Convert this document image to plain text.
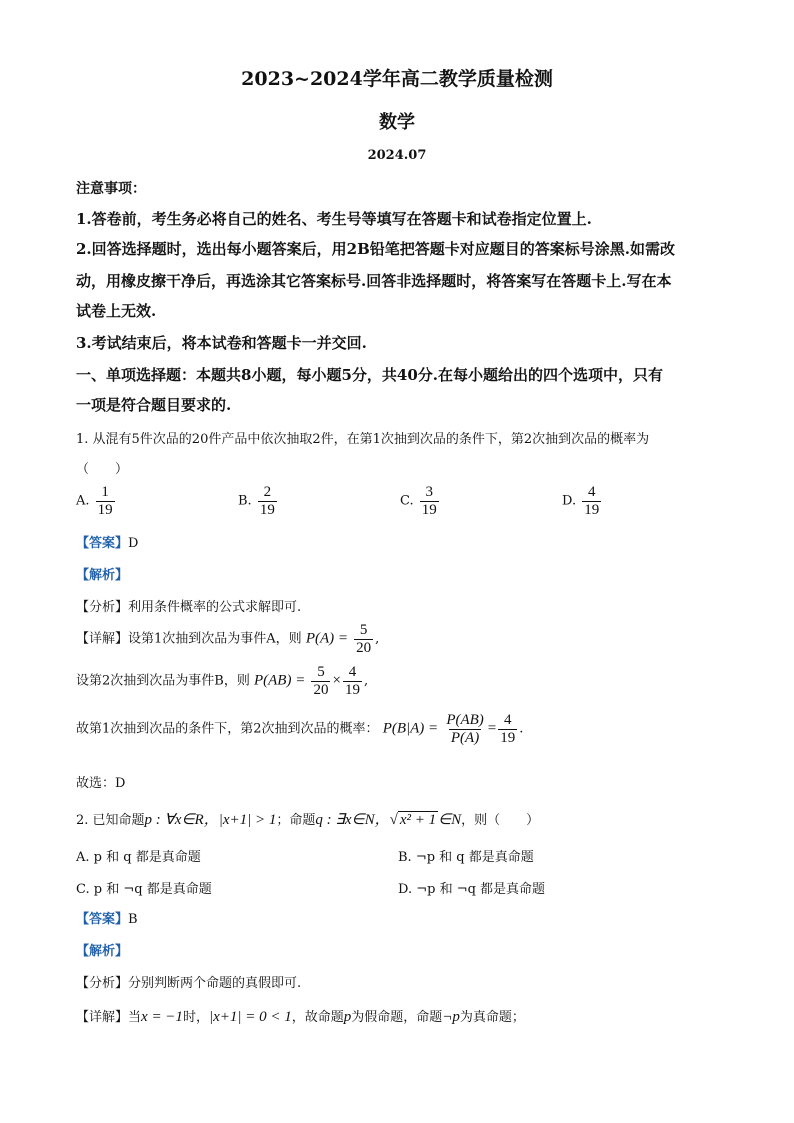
2023~2024学年高二教学质量检测
数学
2024.07
注意事项：
1.答卷前，考生务必将自己的姓名、考生号等填写在答题卡和试卷指定位置上.
2.回答选择题时，选出每小题答案后，用2B铅笔把答题卡对应题目的答案标号涂黑.如需改
动，用橡皮擦干净后，再选涂其它答案标号.回答非选择题时，将答案写在答题卡上.写在本
试卷上无效.
3.考试结束后，将本试卷和答题卡一并交回.
一、单项选择题：本题共8小题，每小题5分，共40分.在每小题给出的四个选项中，只有
一项是符合题目要求的.
1. 从混有5件次品的20件产品中依次抽取2件，在第1次抽到次品的条件下，第2次抽到次品的概率为
（　　）
A. $\frac{1}{19}$	B. $\frac{2}{19}$	C. $\frac{3}{19}$	D. $\frac{4}{19}$
【答案】D
【解析】
【分析】利用条件概率的公式求解即可.
【详解】设第1次抽到次品为事件A，则 $P(A) = \frac{5}{20}$ ,
设第2次抽到次品为事件B，则 $P(AB) = \frac{5}{20} \times \frac{4}{19}$ ,
故第1次抽到次品的条件下，第2次抽到次品的概率： $P(B|A) = \frac{P(AB)}{P(A)} = \frac{4}{19}$ .
故选：D
2. 已知命题p : ∀x∈R，|x+1| > 1；命题q : ∃x∈N，√ x² + 1 ∈N，则（　　）
A. p 和 q 都是真命题	B. ¬p 和 q 都是真命题
C. p 和 ¬q 都是真命题	D. ¬p 和 ¬q 都是真命题
【答案】B
【解析】
【分析】分别判断两个命题的真假即可.
【详解】当x = −1时，|x+1| = 0 < 1，故命题p为假命题，命题¬p为真命题；
